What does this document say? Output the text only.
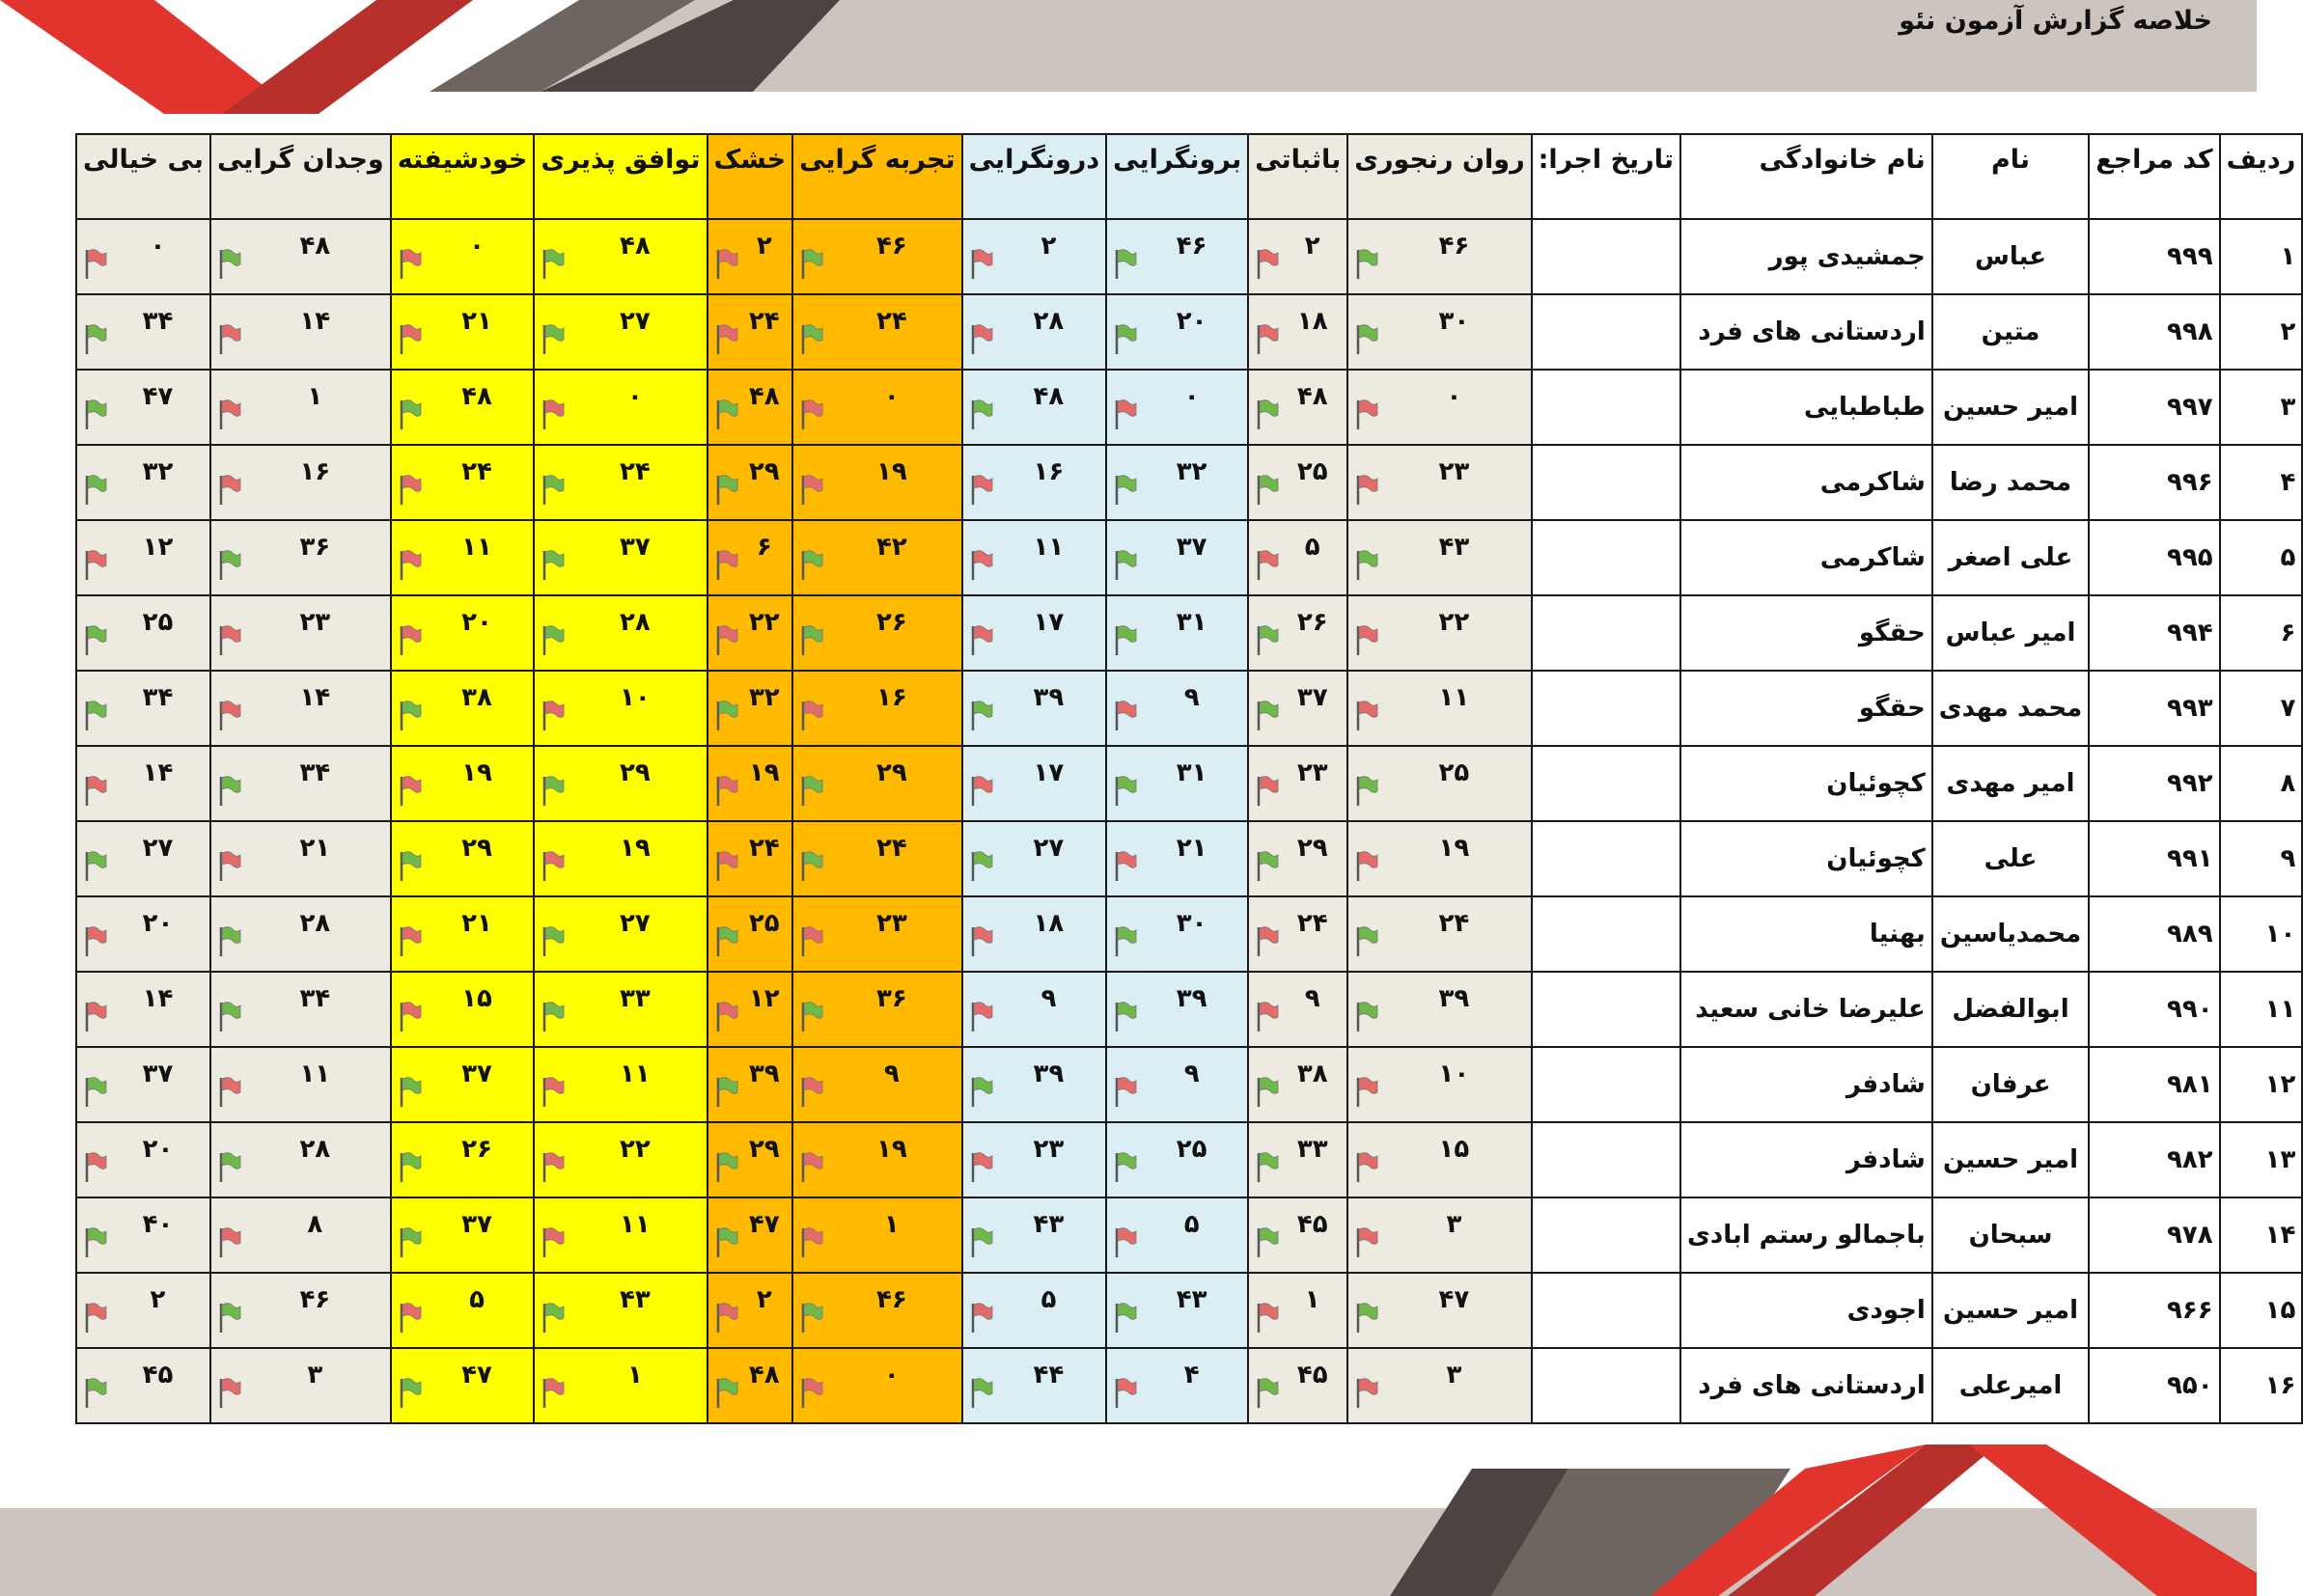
خلاصه گزارش آزمون نئو
ردیف	کد مراجع	نام	نام خانوادگی	تاریخ اجرا:	روان رنجوری	باثباتی	برونگرایی	درونگرایی	تجربه گرایی	خشک	توافق پذیری	خودشیفته	وجدان گرایی	بی خیالی
۱	۹۹۹	عباس	جمشیدی پور		۴۶	۲	۴۶	۲	۴۶	۲	۴۸	۰	۴۸	۰

۲	۹۹۸	متین	اردستانی های فرد		۳۰	۱۸	۲۰	۲۸	۲۴	۲۴	۲۷	۲۱	۱۴	۳۴

۳	۹۹۷	امیر حسین	طباطبایی		۰	۴۸	۰	۴۸	۰	۴۸	۰	۴۸	۱	۴۷

۴	۹۹۶	محمد رضا	شاکرمی		۲۳	۲۵	۳۲	۱۶	۱۹	۲۹	۲۴	۲۴	۱۶	۳۲

۵	۹۹۵	علی اصغر	شاکرمی		۴۳	۵	۳۷	۱۱	۴۲	۶	۳۷	۱۱	۳۶	۱۲

۶	۹۹۴	امیر عباس	حقگو		۲۲	۲۶	۳۱	۱۷	۲۶	۲۲	۲۸	۲۰	۲۳	۲۵

۷	۹۹۳	محمد مهدی	حقگو		۱۱	۳۷	۹	۳۹	۱۶	۳۲	۱۰	۳۸	۱۴	۳۴

۸	۹۹۲	امیر مهدی	کچوئیان		۲۵	۲۳	۳۱	۱۷	۲۹	۱۹	۲۹	۱۹	۳۴	۱۴

۹	۹۹۱	علی	کچوئیان		۱۹	۲۹	۲۱	۲۷	۲۴	۲۴	۱۹	۲۹	۲۱	۲۷

۱۰	۹۸۹	محمدیاسین	بهنیا		۲۴	۲۴	۳۰	۱۸	۲۳	۲۵	۲۷	۲۱	۲۸	۲۰

۱۱	۹۹۰	ابوالفضل	علیرضا خانی سعید		۳۹	۹	۳۹	۹	۳۶	۱۲	۳۳	۱۵	۳۴	۱۴

۱۲	۹۸۱	عرفان	شادفر		۱۰	۳۸	۹	۳۹	۹	۳۹	۱۱	۳۷	۱۱	۳۷

۱۳	۹۸۲	امیر حسین	شادفر		۱۵	۳۳	۲۵	۲۳	۱۹	۲۹	۲۲	۲۶	۲۸	۲۰

۱۴	۹۷۸	سبحان	باجمالو رستم ابادی		۳	۴۵	۵	۴۳	۱	۴۷	۱۱	۳۷	۸	۴۰

۱۵	۹۶۶	امیر حسین	اجودی		۴۷	۱	۴۳	۵	۴۶	۲	۴۳	۵	۴۶	۲

۱۶	۹۵۰	امیرعلی	اردستانی های فرد		۳	۴۵	۴	۴۴	۰	۴۸	۱	۴۷	۳	۴۵
